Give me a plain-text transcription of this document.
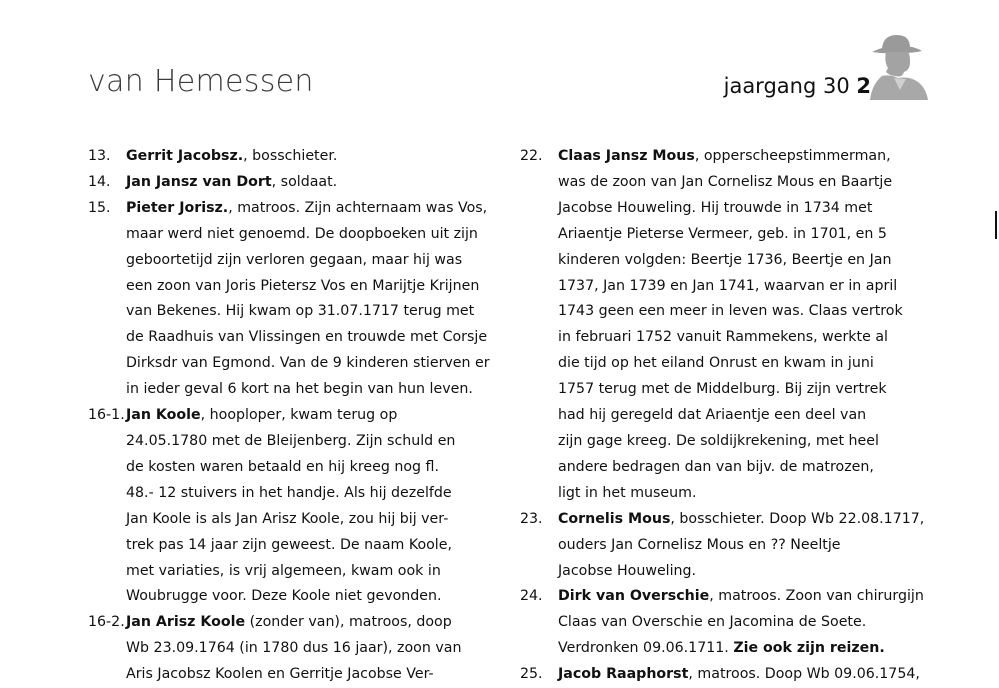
van Hemessen	jaargang 30 2
13. Gerrit Jacobsz., bosschieter.
14. Jan Jansz van Dort, soldaat.
15. Pieter Jorisz., matroos. Zijn achternaam was Vos,
maar werd niet genoemd. De doopboeken uit zijn
geboortetijd zijn verloren gegaan, maar hij was
een zoon van Joris Pietersz Vos en Marijtje Krijnen
van Bekenes. Hij kwam op 31.07.1717 terug met
de Raadhuis van Vlissingen en trouwde met Corsje
Dirksdr van Egmond. Van de 9 kinderen stierven er
in ieder geval 6 kort na het begin van hun leven.
16-1. Jan Koole, hooploper, kwam terug op
24.05.1780 met de Bleijenberg. Zijn schuld en
de kosten waren betaald en hij kreeg nog fl.
48.- 12 stuivers in het handje. Als hij dezelfde
Jan Koole is als Jan Arisz Koole, zou hij bij ver-
trek pas 14 jaar zijn geweest. De naam Koole,
met variaties, is vrij algemeen, kwam ook in
Woubrugge voor. Deze Koole niet gevonden.
16-2. Jan Arisz Koole (zonder van), matroos, doop
Wb 23.09.1764 (in 1780 dus 16 jaar), zoon van
Aris Jacobsz Koolen en Gerritje Jacobse Ver-
22. Claas Jansz Mous, opperscheepstimmerman,
was de zoon van Jan Cornelisz Mous en Baartje
Jacobse Houweling. Hij trouwde in 1734 met
Ariaentje Pieterse Vermeer, geb. in 1701, en 5
kinderen volgden: Beertje 1736, Beertje en Jan
1737, Jan 1739 en Jan 1741, waarvan er in april
1743 geen een meer in leven was. Claas vertrok
in februari 1752 vanuit Rammekens, werkte al
die tijd op het eiland Onrust en kwam in juni
1757 terug met de Middelburg. Bij zijn vertrek
had hij geregeld dat Ariaentje een deel van
zijn gage kreeg. De soldijkrekening, met heel
andere bedragen dan van bijv. de matrozen,
ligt in het museum.
23. Cornelis Mous, bosschieter. Doop Wb 22.08.1717,
ouders Jan Cornelisz Mous en ?? Neeltje
Jacobse Houweling.
24. Dirk van Overschie, matroos. Zoon van chirurgijn
Claas van Overschie en Jacomina de Soete.
Verdronken 09.06.1711. Zie ook zijn reizen.
25. Jacob Raaphorst, matroos. Doop Wb 09.06.1754,
